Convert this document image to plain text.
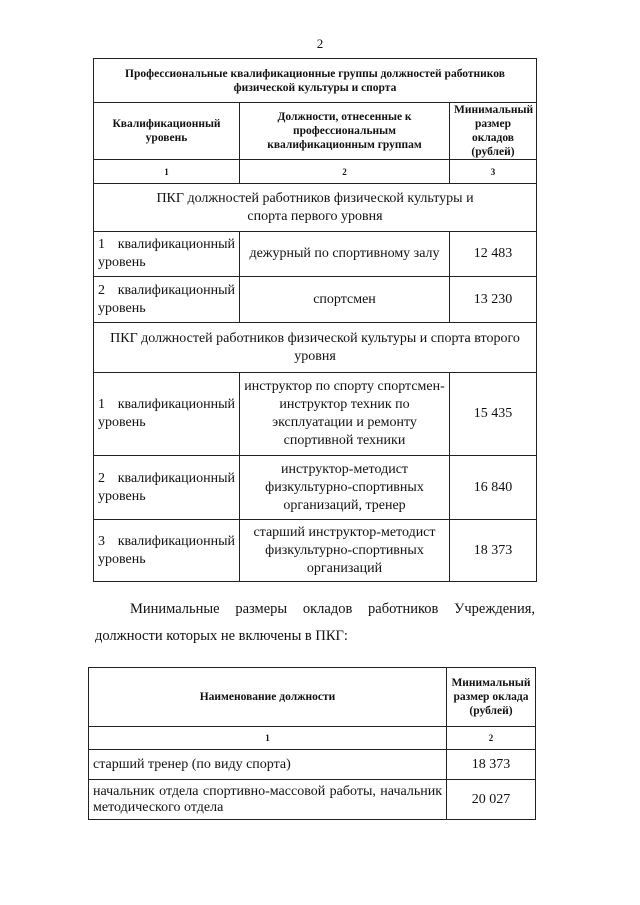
2
Профессиональные квалификационные группы должностей работников физической культуры и спорта		
Квалификационный уровень	Должности, отнесенные к профессиональным квалификационным группам	Минимальный размер окладов (рублей)
1	2	3
ПКГ должностей работников физической культуры и спорта первого уровня		
1 квалификационный уровень	дежурный по спортивному залу	12 483
2 квалификационный уровень	спортсмен	13 230
ПКГ должностей работников физической культуры и спорта второго уровня		
1 квалификационный уровень	инструктор по спорту спортсмен-инструктор техник по эксплуатации и ремонту спортивной техники	15 435
2 квалификационный уровень	инструктор-методист физкультурно-спортивных организаций, тренер	16 840
3 квалификационный уровень	старший инструктор-методист физкультурно-спортивных организаций	18 373

Минимальные размеры окладов работников Учреждения, должности которых не включены в ПКГ:

Наименование должности	Минимальный размер оклада (рублей)
1	2
старший тренер (по виду спорта)	18 373
начальник отдела спортивно-массовой работы, начальник методического отдела	20 027
